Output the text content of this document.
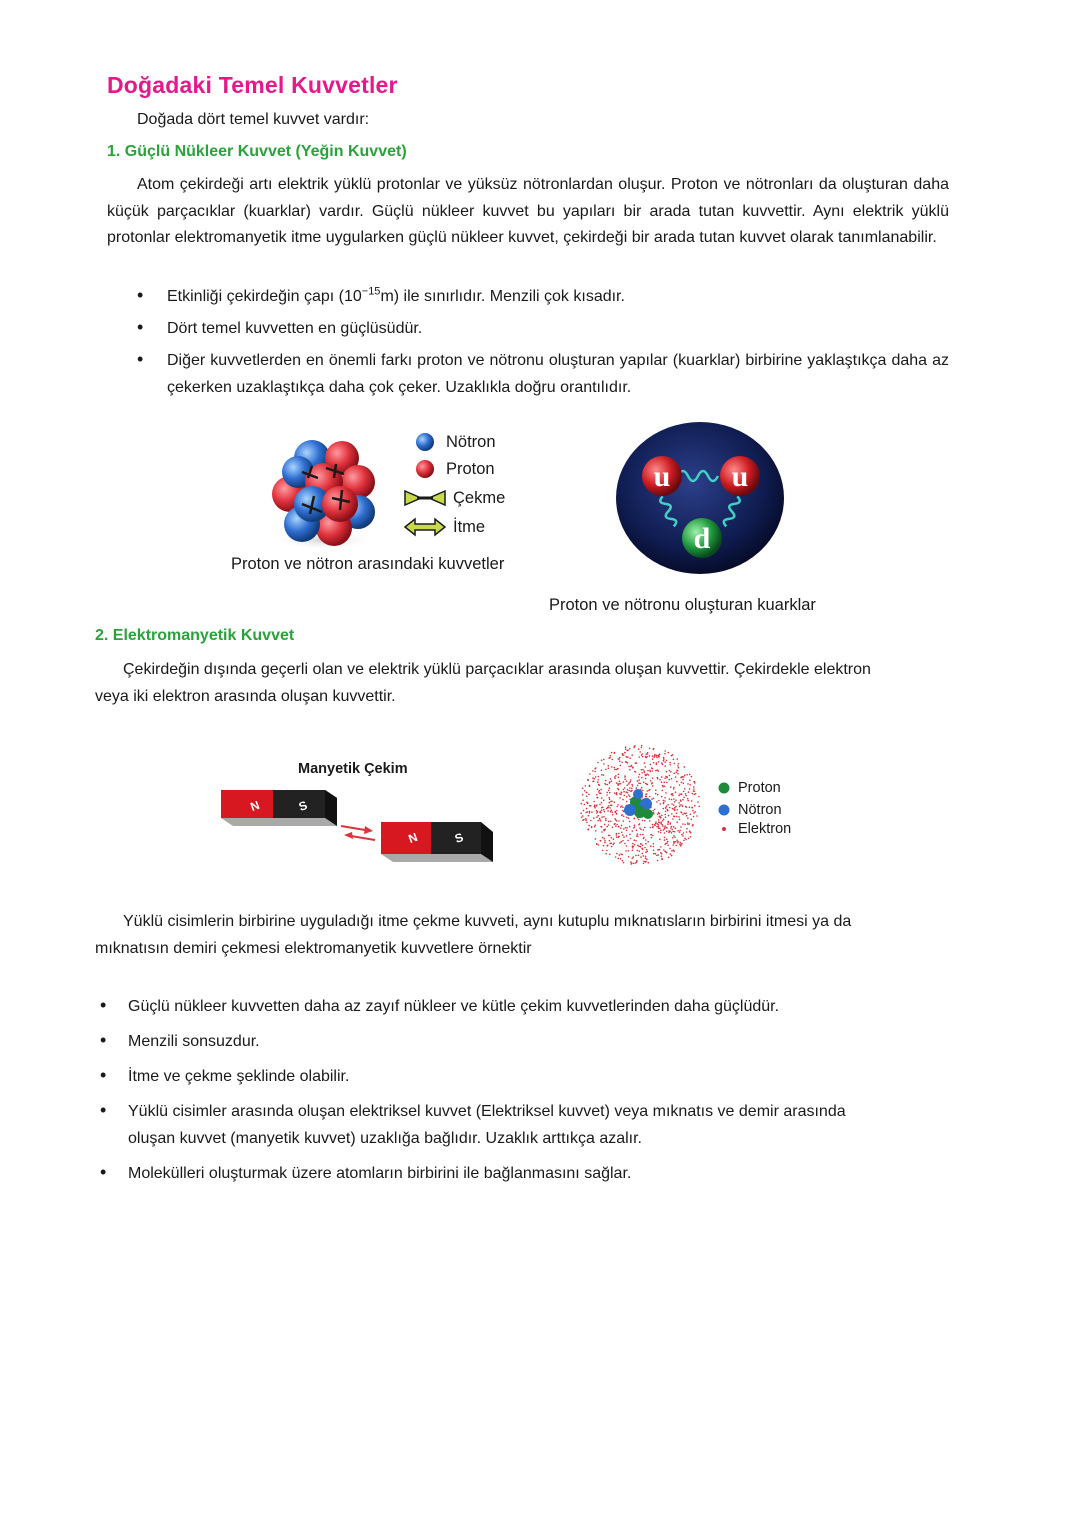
Doğadaki Temel Kuvvetler
Doğada dört temel kuvvet vardır:
1. Güçlü Nükleer Kuvvet (Yeğin Kuvvet)

Atom çekirdeği artı elektrik yüklü protonlar ve yüksüz nötronlardan oluşur. Proton ve nötronları da oluşturan daha küçük parçacıklar (kuarklar) vardır. Güçlü nükleer kuvvet bu yapıları bir arada tutan kuvvettir. Aynı elektrik yüklü protonlar elektromanyetik itme uygularken güçlü nükleer kuvvet, çekirdeği bir arada tutan kuvvet olarak tanımlanabilir.

• Etkinliği çekirdeğin çapı $(10^{-15}m)$ ile sınırlıdır. Menzili çok kısadır.
• Dört temel kuvvetten en güçlüsüdür.
• Diğer kuvvetlerden en önemli farkı proton ve nötronu oluşturan yapılar (kuarklar) birbirine yaklaştıkça daha az çekerken uzaklaştıkça daha çok çeker. Uzaklıkla doğru orantılıdır.
Nötron
Proton
Çekme
İtme
Proton ve nötron arasındaki kuvvetler
u u
d
Proton ve nötronu oluşturan kuarklar
2. Elektromanyetik Kuvvet

Çekirdeğin dışında geçerli olan ve elektrik yüklü parçacıklar arasında oluşan kuvvettir. Çekirdekle elektron veya iki elektron arasında oluşan kuvvettir.

Manyetik Çekim
N	S
N	S
Proton
Nötron
Elektron

Yüklü cisimlerin birbirine uyguladığı itme çekme kuvveti, aynı kutuplu mıknatısların birbirini itmesi ya da mıknatısın demiri çekmesi elektromanyetik kuvvetlere örnektir

• Güçlü nükleer kuvvetten daha az zayıf nükleer ve kütle çekim kuvvetlerinden daha güçlüdür.
• Menzili sonsuzdur.
• İtme ve çekme şeklinde olabilir.
• Yüklü cisimler arasında oluşan elektriksel kuvvet (Elektriksel kuvvet) veya mıknatıs ve demir arasında oluşan kuvvet (manyetik kuvvet) uzaklığa bağlıdır. Uzaklık arttıkça azalır.
• Molekülleri oluşturmak üzere atomların birbirini ile bağlanmasını sağlar.
